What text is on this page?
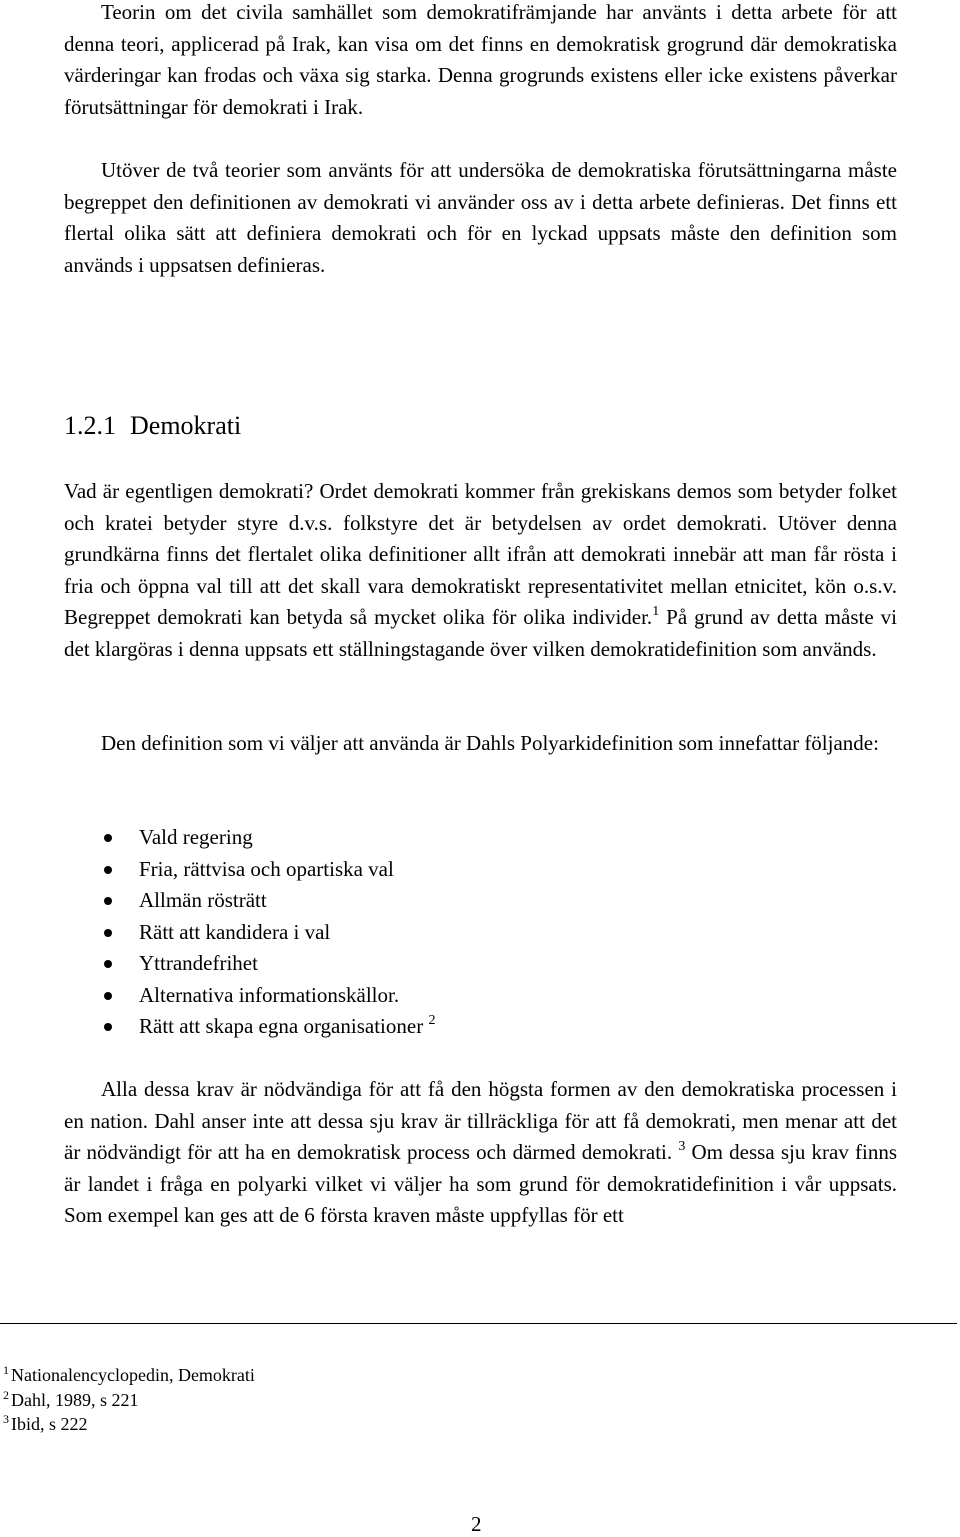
Teorin om det civila samhället som demokratifrämjande har använts i detta arbete för att denna teori, applicerad på Irak, kan visa om det finns en demokratisk grogrund där demokratiska värderingar kan frodas och växa sig starka. Denna grogrunds existens eller icke existens påverkar förutsättningar för demokrati i Irak.

Utöver de två teorier som använts för att undersöka de demokratiska förutsättningarna måste begreppet den definitionen av demokrati vi använder oss av i detta arbete definieras. Det finns ett flertal olika sätt att definiera demokrati och för en lyckad uppsats måste den definition som används i uppsatsen definieras.

1.2.1 Demokrati

Vad är egentligen demokrati? Ordet demokrati kommer från grekiskans demos som betyder folket och kratei betyder styre d.v.s. folkstyre det är betydelsen av ordet demokrati. Utöver denna grundkärna finns det flertalet olika definitioner allt ifrån att demokrati innebär att man får rösta i fria och öppna val till att det skall vara demokratiskt representativitet mellan etnicitet, kön o.s.v. Begreppet demokrati kan betyda så mycket olika för olika individer.$^1$ På grund av detta måste vi det klargöras i denna uppsats ett ställningstagande över vilken demokratidefinition som används.

Den definition som vi väljer att använda är Dahls Polyarkidefinition som innefattar följande:

Vald regering
Fria, rättvisa och opartiska val
Allmän rösträtt
Rätt att kandidera i val
Yttrandefrihet
Alternativa informationskällor.
Rätt att skapa egna organisationer $^2$

Alla dessa krav är nödvändiga för att få den högsta formen av den demokratiska processen i en nation. Dahl anser inte att dessa sju krav är tillräckliga för att få demokrati, men menar att det är nödvändigt för att ha en demokratisk process och därmed demokrati. $^3$ Om dessa sju krav finns är landet i fråga en polyarki vilket vi väljer ha som grund för demokratidefinition i vår uppsats. Som exempel kan ges att de 6 första kraven måste uppfyllas för ett

$^1$ Nationalencyclopedin, Demokrati
$^2$ Dahl, 1989, s 221
$^3$ Ibid, s 222
2
